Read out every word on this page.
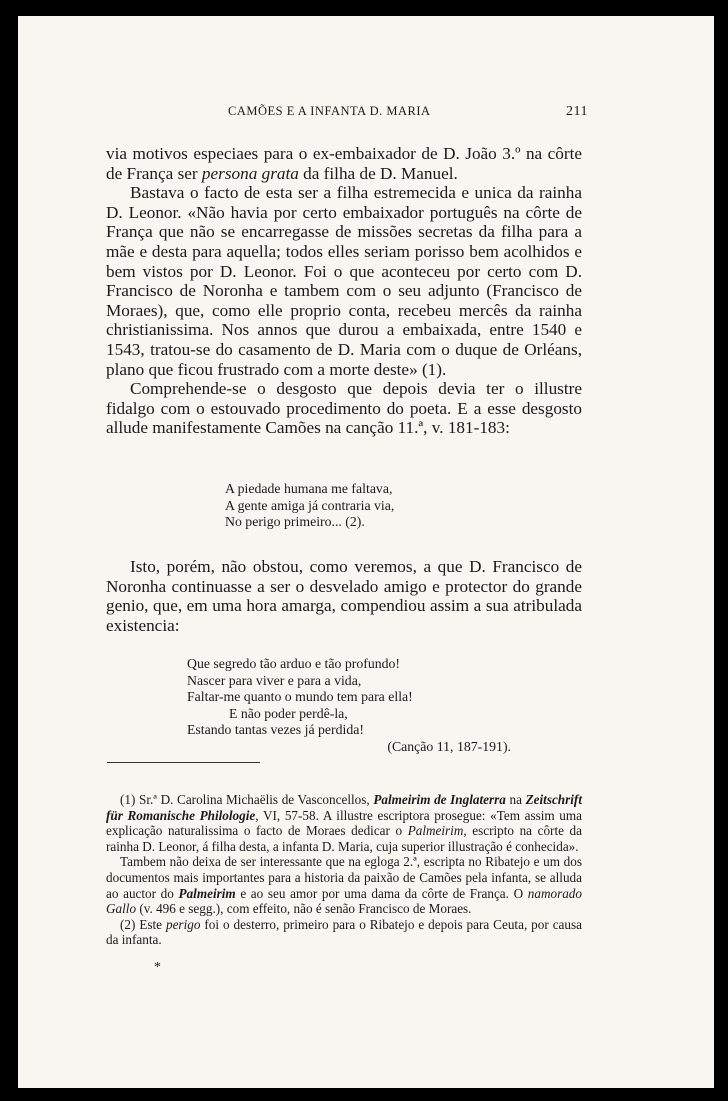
CAMÕES E A INFANTA D. MARIA	211

via motivos especiaes para o ex-embaixador de D. João 3.º na côrte de França ser persona grata da filha de D. Manuel.

Bastava o facto de esta ser a filha estremecida e unica da rainha D. Leonor. «Não havia por certo embaixador português na côrte de França que não se encarregasse de missões secretas da filha para a mãe e desta para aquella; todos elles seriam porisso bem acolhidos e bem vistos por D. Leonor. Foi o que aconteceu por certo com D. Francisco de Noronha e tambem com o seu adjunto (Francisco de Moraes), que, como elle proprio conta, recebeu mercês da rainha christianissima. Nos annos que durou a embaixada, entre 1540 e 1543, tratou-se do casamento de D. Maria com o duque de Orléans, plano que ficou frustrado com a morte deste» (1).

Comprehende-se o desgosto que depois devia ter o illustre fidalgo com o estouvado procedimento do poeta. E a esse desgosto allude manifestamente Camões na canção 11.ª, v. 181-183:

A piedade humana me faltava,
A gente amiga já contraria via,
No perigo primeiro... (2).

Isto, porém, não obstou, como veremos, a que D. Francisco de Noronha continuasse a ser o desvelado amigo e protector do grande genio, que, em uma hora amarga, compendiou assim a sua atribulada existencia:

Que segredo tão arduo e tão profundo!
Nascer para viver e para a vida,
Faltar-me quanto o mundo tem para ella!
E não poder perdê-la,
Estando tantas vezes já perdida!
(Canção 11, 187-191).

(1) Sr.ª D. Carolina Michaëlis de Vasconcellos, Palmeirim de Inglaterra na Zeitschrift für Romanische Philologie, VI, 57-58. A illustre escriptora prosegue: «Tem assim uma explicação naturalissima o facto de Moraes dedicar o Palmeirim, escripto na côrte da rainha D. Leonor, á filha desta, a infanta D. Maria, cuja superior illustração é conhecida».

Tambem não deixa de ser interessante que na egloga 2.ª, escripta no Ribatejo e um dos documentos mais importantes para a historia da paixão de Camões pela infanta, se alluda ao auctor do Palmeirim e ao seu amor por uma dama da côrte de França. O namorado Gallo (v. 496 e segg.), com effeito, não é senão Francisco de Moraes.

(2) Este perigo foi o desterro, primeiro para o Ribatejo e depois para Ceuta, por causa da infanta.

*
